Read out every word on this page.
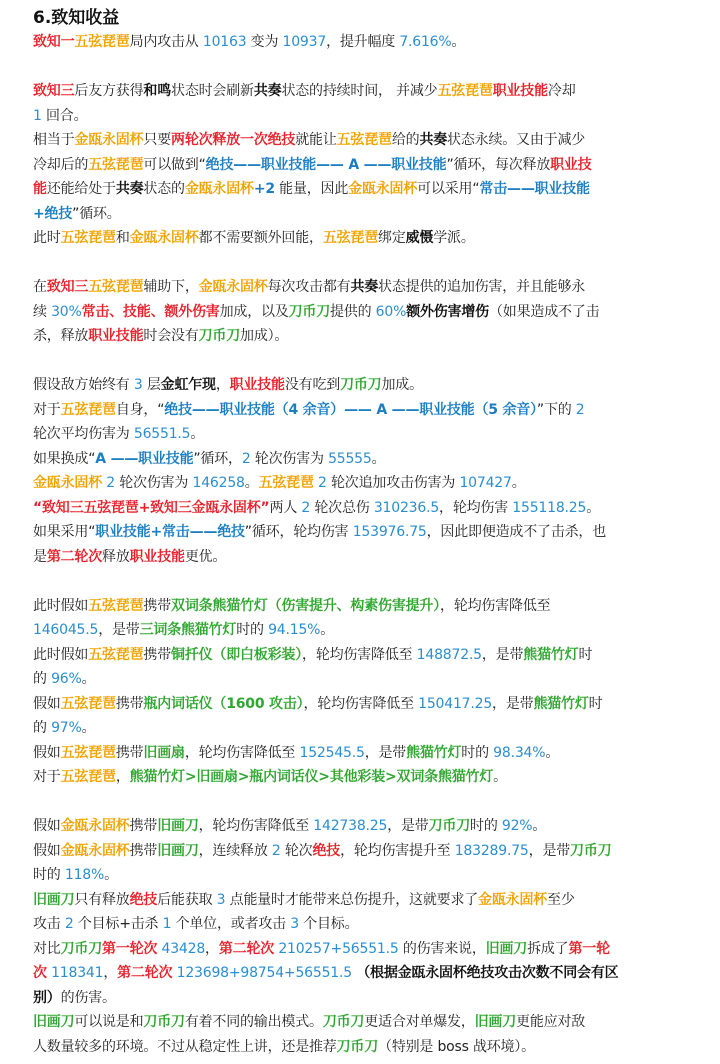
6.致知收益

致知一五弦琵琶局内攻击从 10163 变为 10937，提升幅度 7.616%。

致知三后友方获得和鸣状态时会刷新共奏状态的持续时间， 并减少五弦琵琶职业技能冷却

1 回合。

相当于金瓯永固杯只要两轮次释放一次绝技就能让五弦琵琶给的共奏状态永续。又由于减少

冷却后的五弦琵琶可以做到“绝技——职业技能—— A ——职业技能”循环，每次释放职业技

能还能给处于共奏状态的金瓯永固杯+2 能量，因此金瓯永固杯可以采用“常击——职业技能

+绝技”循环。

此时五弦琵琶和金瓯永固杯都不需要额外回能，五弦琵琶绑定威慑学派。

在致知三五弦琵琶辅助下，金瓯永固杯每次攻击都有共奏状态提供的追加伤害，并且能够永

续 30%常击、技能、额外伤害加成，以及刀币刀提供的 60%额外伤害增伤（如果造成不了击

杀，释放职业技能时会没有刀币刀加成）。

假设敌方始终有 3 层金虹乍现，职业技能没有吃到刀币刀加成。

对于五弦琵琶自身，“绝技——职业技能（4 余音）—— A ——职业技能（5 余音）”下的 2

轮次平均伤害为 56551.5。

如果换成“A ——职业技能”循环，2 轮次伤害为 55555。

金瓯永固杯 2 轮次伤害为 146258。五弦琵琶 2 轮次追加攻击伤害为 107427。

“致知三五弦琵琶+致知三金瓯永固杯”两人 2 轮次总伤 310236.5，轮均伤害 155118.25。

如果采用“职业技能+常击——绝技”循环，轮均伤害 153976.75，因此即便造成不了击杀，也

是第二轮次释放职业技能更优。

此时假如五弦琵琶携带双词条熊猫竹灯（伤害提升、构素伤害提升），轮均伤害降低至

146045.5，是带三词条熊猫竹灯时的 94.15%。

此时假如五弦琵琶携带铜扦仪（即白板彩装），轮均伤害降低至 148872.5，是带熊猫竹灯时

的 96%。

假如五弦琵琶携带瓶内词话仪（1600 攻击），轮均伤害降低至 150417.25，是带熊猫竹灯时

的 97%。

假如五弦琵琶携带旧画扇，轮均伤害降低至 152545.5，是带熊猫竹灯时的 98.34%。

对于五弦琵琶，熊猫竹灯>旧画扇>瓶内词话仪>其他彩装>双词条熊猫竹灯。

假如金瓯永固杯携带旧画刀，轮均伤害降低至 142738.25，是带刀币刀时的 92%。

假如金瓯永固杯携带旧画刀，连续释放 2 轮次绝技，轮均伤害提升至 183289.75，是带刀币刀

时的 118%。

旧画刀只有释放绝技后能获取 3 点能量时才能带来总伤提升，这就要求了金瓯永固杯至少

攻击 2 个目标+击杀 1 个单位，或者攻击 3 个目标。

对比刀币刀第一轮次 43428，第二轮次 210257+56551.5 的伤害来说，旧画刀拆成了第一轮

次 118341，第二轮次 123698+98754+56551.5 （根据金瓯永固杯绝技攻击次数不同会有区

别）的伤害。

旧画刀可以说是和刀币刀有着不同的输出模式。刀币刀更适合对单爆发，旧画刀更能应对敌

人数量较多的环境。不过从稳定性上讲，还是推荐刀币刀（特别是 boss 战环境）。
